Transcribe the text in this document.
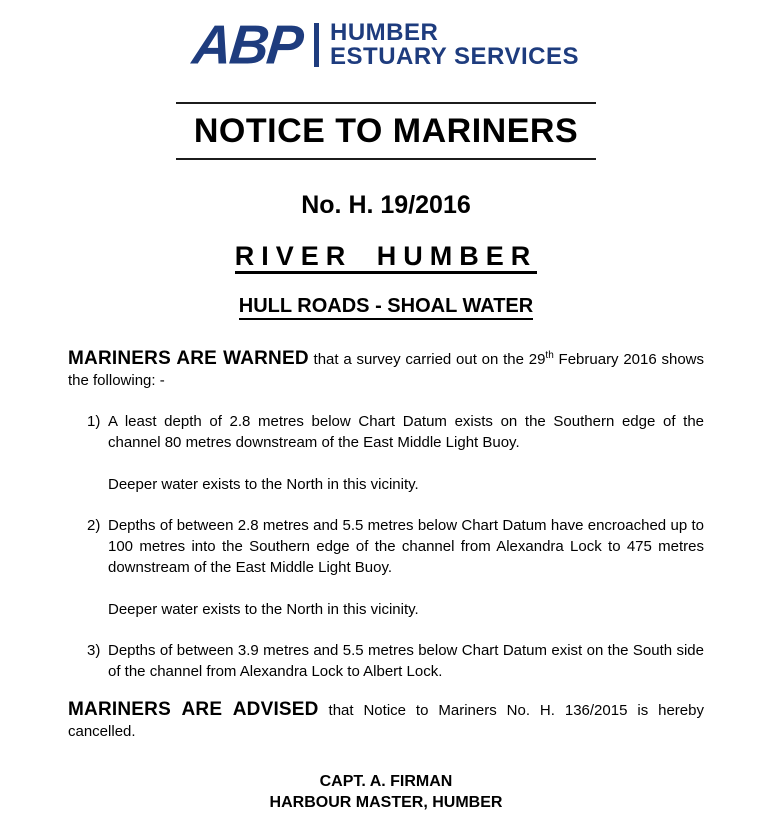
ABP HUMBER
ESTUARY SERVICES
NOTICE TO MARINERS
No. H. 19/2016
RIVER HUMBER
HULL ROADS - SHOAL WATER

MARINERS ARE WARNED that a survey carried out on the 29th February 2016 shows the following: -

1) A least depth of 2.8 metres below Chart Datum exists on the Southern edge of the channel 80 metres downstream of the East Middle Light Buoy.

Deeper water exists to the North in this vicinity.

2) Depths of between 2.8 metres and 5.5 metres below Chart Datum have encroached up to 100 metres into the Southern edge of the channel from Alexandra Lock to 475 metres downstream of the East Middle Light Buoy.

Deeper water exists to the North in this vicinity.

3) Depths of between 3.9 metres and 5.5 metres below Chart Datum exist on the South side of the channel from Alexandra Lock to Albert Lock.

MARINERS ARE ADVISED that Notice to Mariners No. H. 136/2015 is hereby cancelled.

CAPT. A. FIRMAN
HARBOUR MASTER, HUMBER
